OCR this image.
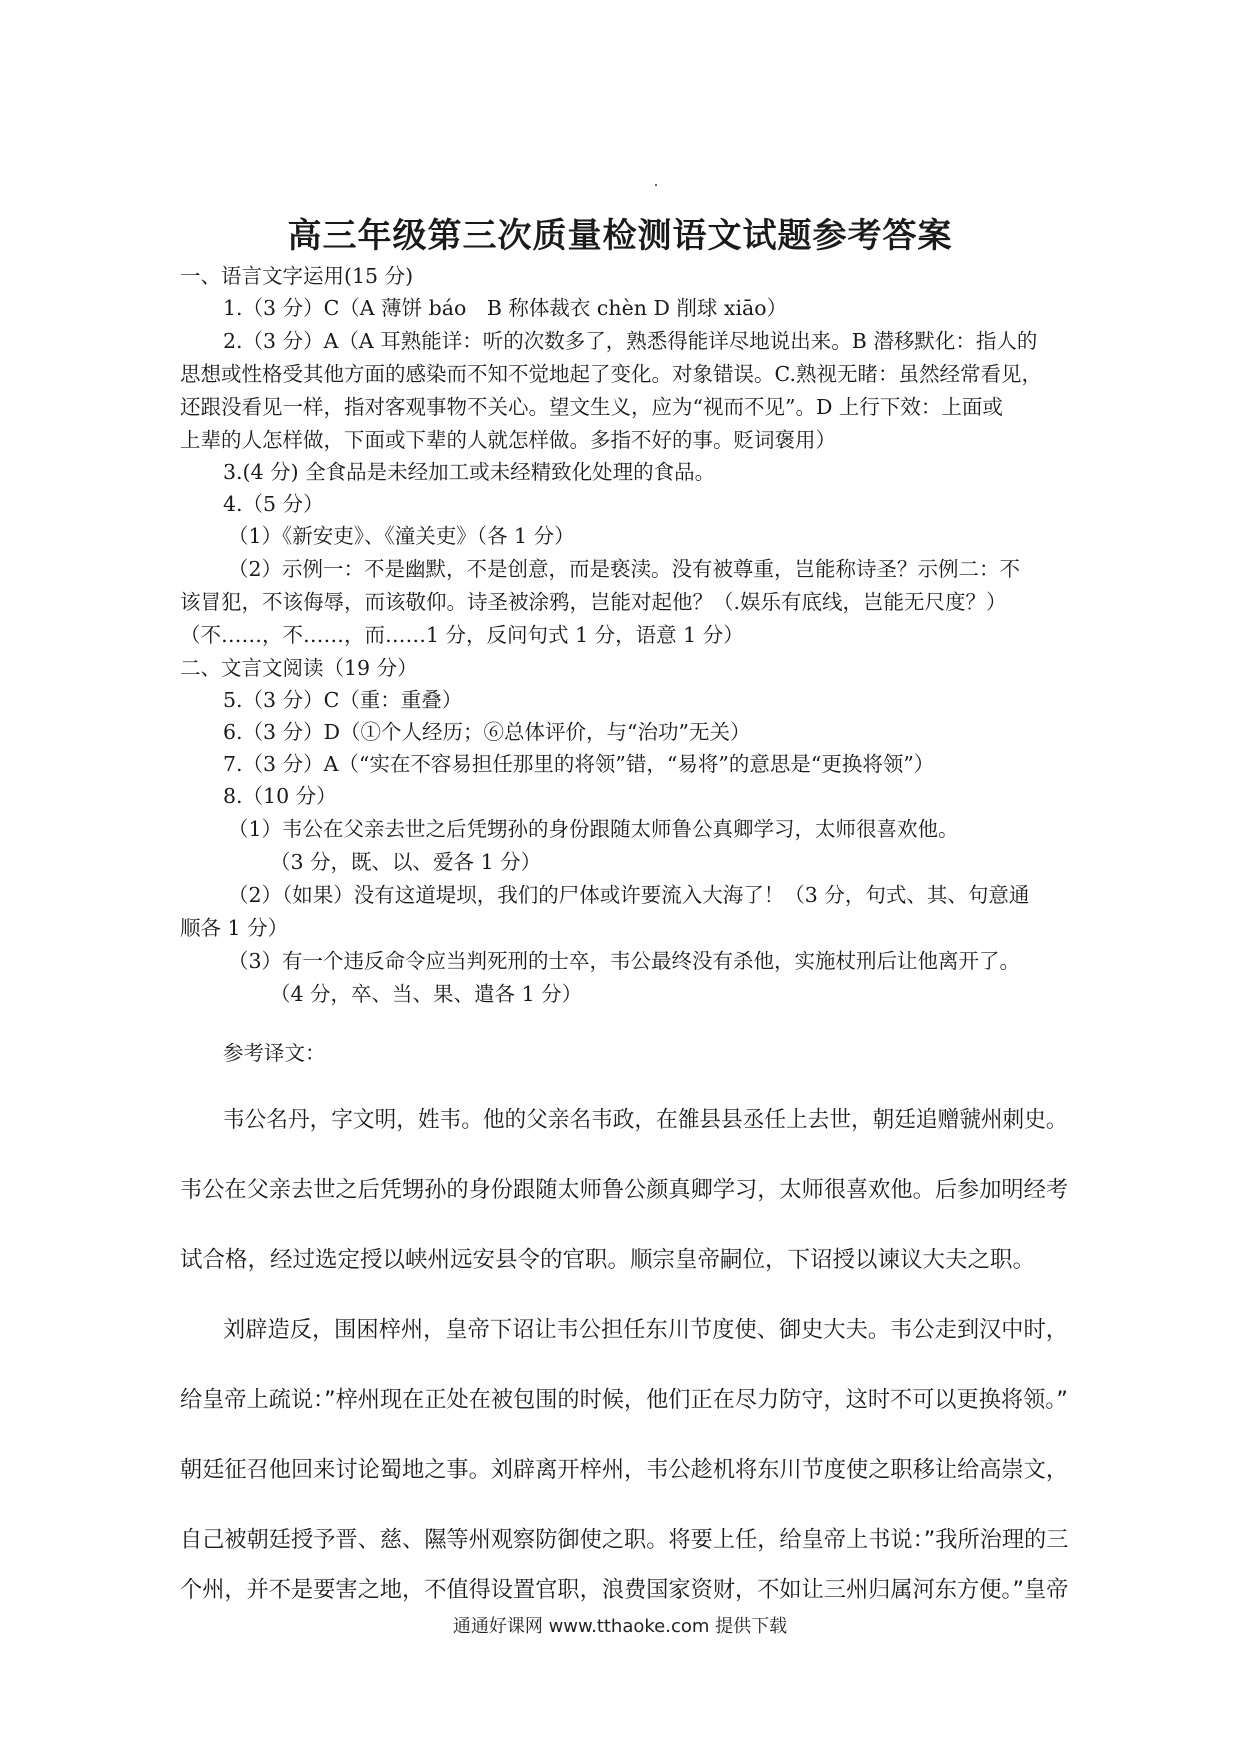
高三年级第三次质量检测语文试题参考答案
一、语言文字运用(15 分)
1.（3 分）C（A 薄饼 báo　B 称体裁衣 chèn D 削球 xiāo）
2.（3 分）A（A 耳熟能详：听的次数多了，熟悉得能详尽地说出来。B 潜移默化：指人的
思想或性格受其他方面的感染而不知不觉地起了变化。对象错误。C.熟视无睹：虽然经常看见，
还跟没看见一样，指对客观事物不关心。望文生义，应为“视而不见”。D 上行下效：上面或
上辈的人怎样做，下面或下辈的人就怎样做。多指不好的事。贬词褒用）
3.(4 分) 全食品是未经加工或未经精致化处理的食品。
4.（5 分）
（1）《新安吏》、《潼关吏》（各 1 分）
（2）示例一：不是幽默，不是创意，而是亵渎。没有被尊重，岂能称诗圣？示例二：不
该冒犯，不该侮辱，而该敬仰。诗圣被涂鸦，岂能对起他？（.娱乐有底线，岂能无尺度？）
（不……，不……，而……1 分，反问句式 1 分，语意 1 分）
二、文言文阅读（19 分）
5.（3 分）C（重：重叠）
6.（3 分）D（①个人经历；⑥总体评价，与“治功”无关）
7.（3 分）A（“实在不容易担任那里的将领”错，“易将”的意思是“更换将领”）
8.（10 分）
（1）韦公在父亲去世之后凭甥孙的身份跟随太师鲁公真卿学习，太师很喜欢他。
（3 分，既、以、爱各 1 分）
（2）（如果）没有这道堤坝，我们的尸体或许要流入大海了！（3 分，句式、其、句意通
顺各 1 分）
（3）有一个违反命令应当判死刑的士卒，韦公最终没有杀他，实施杖刑后让他离开了。
（4 分，卒、当、果、遣各 1 分）
参考译文：
韦公名丹，字文明，姓韦。他的父亲名韦政，在雒县县丞任上去世，朝廷追赠虢州刺史。
韦公在父亲去世之后凭甥孙的身份跟随太师鲁公颜真卿学习，太师很喜欢他。后参加明经考
试合格，经过选定授以峡州远安县令的官职。顺宗皇帝嗣位，下诏授以谏议大夫之职。
刘辟造反，围困梓州，皇帝下诏让韦公担任东川节度使、御史大夫。韦公走到汉中时，
给皇帝上疏说：”梓州现在正处在被包围的时候，他们正在尽力防守，这时不可以更换将领。”
朝廷征召他回来讨论蜀地之事。刘辟离开梓州，韦公趁机将东川节度使之职移让给高崇文，
自己被朝廷授予晋、慈、隰等州观察防御使之职。将要上任，给皇帝上书说：”我所治理的三
个州，并不是要害之地，不值得设置官职，浪费国家资财，不如让三州归属河东方便。”皇帝
通通好课网 www.tthaoke.com 提供下载
